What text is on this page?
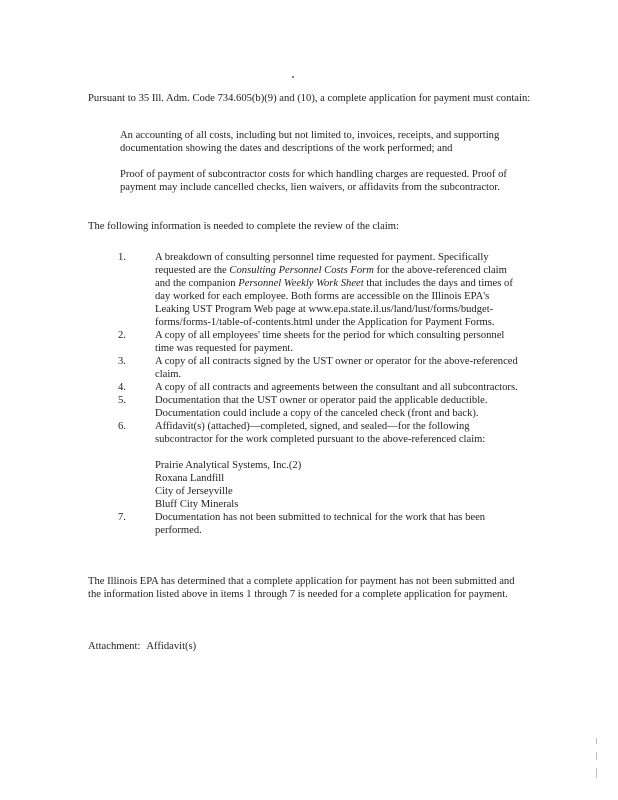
Pursuant to 35 Ill. Adm. Code 734.605(b)(9) and (10), a complete application for payment must contain:

An accounting of all costs, including but not limited to, invoices, receipts, and supporting documentation showing the dates and descriptions of the work performed; and

Proof of payment of subcontractor costs for which handling charges are requested. Proof of payment may include cancelled checks, lien waivers, or affidavits from the subcontractor.

The following information is needed to complete the review of the claim:

1.	A breakdown of consulting personnel time requested for payment. Specifically requested are the Consulting Personnel Costs Form for the above-referenced claim and the companion Personnel Weekly Work Sheet that includes the days and times of day worked for each employee. Both forms are accessible on the Illinois EPA's Leaking UST Program Web page at www.epa.state.il.us/land/lust/forms/budget-forms/forms-1/table-of-contents.html under the Application for Payment Forms.
2.	A copy of all employees' time sheets for the period for which consulting personnel time was requested for payment.
3.	A copy of all contracts signed by the UST owner or operator for the above-referenced claim.
4.	A copy of all contracts and agreements between the consultant and all subcontractors.
5.	Documentation that the UST owner or operator paid the applicable deductible. Documentation could include a copy of the canceled check (front and back).
6.	Affidavit(s) (attached)—completed, signed, and sealed—for the following subcontractor for the work completed pursuant to the above-referenced claim:
Prairie Analytical Systems, Inc.(2)
Roxana Landfill
City of Jerseyville
Bluff City Minerals
7.	Documentation has not been submitted to technical for the work that has been performed.

The Illinois EPA has determined that a complete application for payment has not been submitted and the information listed above in items 1 through 7 is needed for a complete application for payment.

Attachment: Affidavit(s)
